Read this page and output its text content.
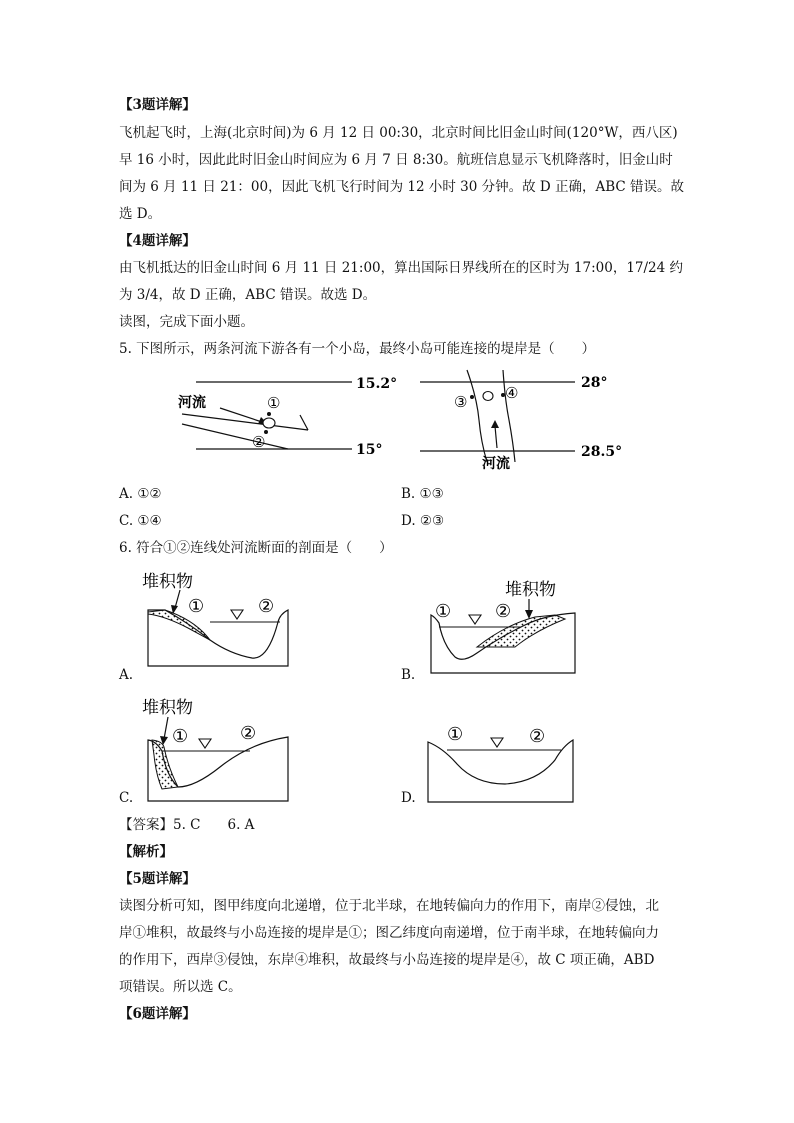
【3题详解】
飞机起飞时，上海(北京时间)为 6 月 12 日 00:30，北京时间比旧金山时间(120°W，西八区)
早 16 小时，因此此时旧金山时间应为 6 月 7 日 8:30。航班信息显示飞机降落时，旧金山时
间为 6 月 11 日 21：00，因此飞机飞行时间为 12 小时 30 分钟。故 D 正确，ABC 错误。故
选 D。
【4题详解】
由飞机抵达的旧金山时间 6 月 11 日 21:00，算出国际日界线所在的区时为 17:00，17/24 约
为 3/4，故 D 正确，ABC 错误。故选 D。
读图，完成下面小题。
5. 下图所示，两条河流下游各有一个小岛，最终小岛可能连接的堤岸是（　　）
15.2°
15°
河流	①
②
28°
28.5°
③	④
河流
A. ①②	B. ①③
C. ①④	D. ②③
6. 符合①②连线处河流断面的剖面是（　　）
堆积物
①	②
A.
堆积物
① ②
B.
堆积物
①	②
C.
①	②
D.
【答案】5. C　　6. A
【解析】
【5题详解】
读图分析可知，图甲纬度向北递增，位于北半球，在地转偏向力的作用下，南岸②侵蚀，北
岸①堆积，故最终与小岛连接的堤岸是①；图乙纬度向南递增，位于南半球，在地转偏向力
的作用下，西岸③侵蚀，东岸④堆积，故最终与小岛连接的堤岸是④，故 C 项正确，ABD
项错误。所以选 C。
【6题详解】
